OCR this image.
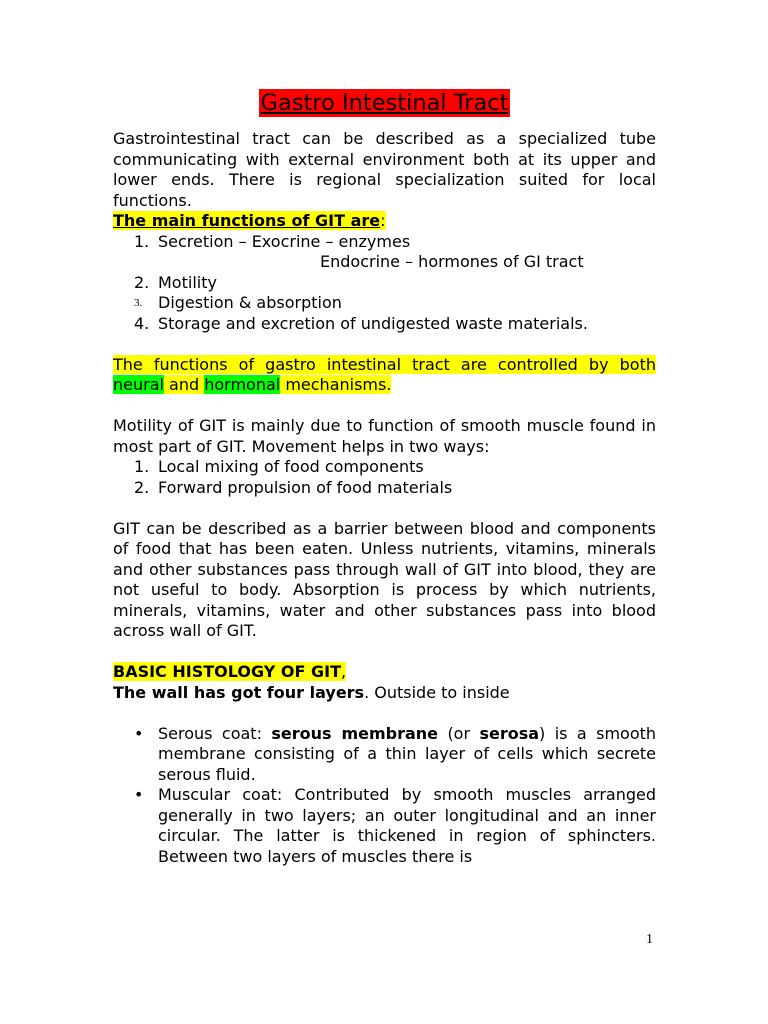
Gastro Intestinal Tract
Gastrointestinal tract can be described as a specialized tube communicating with external environment both at its upper and lower ends. There is regional specialization suited for local functions.
The main functions of GIT are:
1. Secretion – Exocrine – enzymes
Endocrine – hormones of GI tract
2. Motility
3. Digestion & absorption
4. Storage and excretion of undigested waste materials.
The functions of gastro intestinal tract are controlled by both neural and hormonal mechanisms.
Motility of GIT is mainly due to function of smooth muscle found in most part of GIT. Movement helps in two ways:
1. Local mixing of food components
2. Forward propulsion of food materials
GIT can be described as a barrier between blood and components of food that has been eaten. Unless nutrients, vitamins, minerals and other substances pass through wall of GIT into blood, they are not useful to body. Absorption is process by which nutrients, minerals, vitamins, water and other substances pass into blood across wall of GIT.
BASIC HISTOLOGY OF GIT,
The wall has got four layers. Outside to inside
• Serous coat: serous membrane (or serosa) is a smooth membrane consisting of a thin layer of cells which secrete serous fluid.
• Muscular coat: Contributed by smooth muscles arranged generally in two layers; an outer longitudinal and an inner circular. The latter is thickened in region of sphincters. Between two layers of muscles there is
1
